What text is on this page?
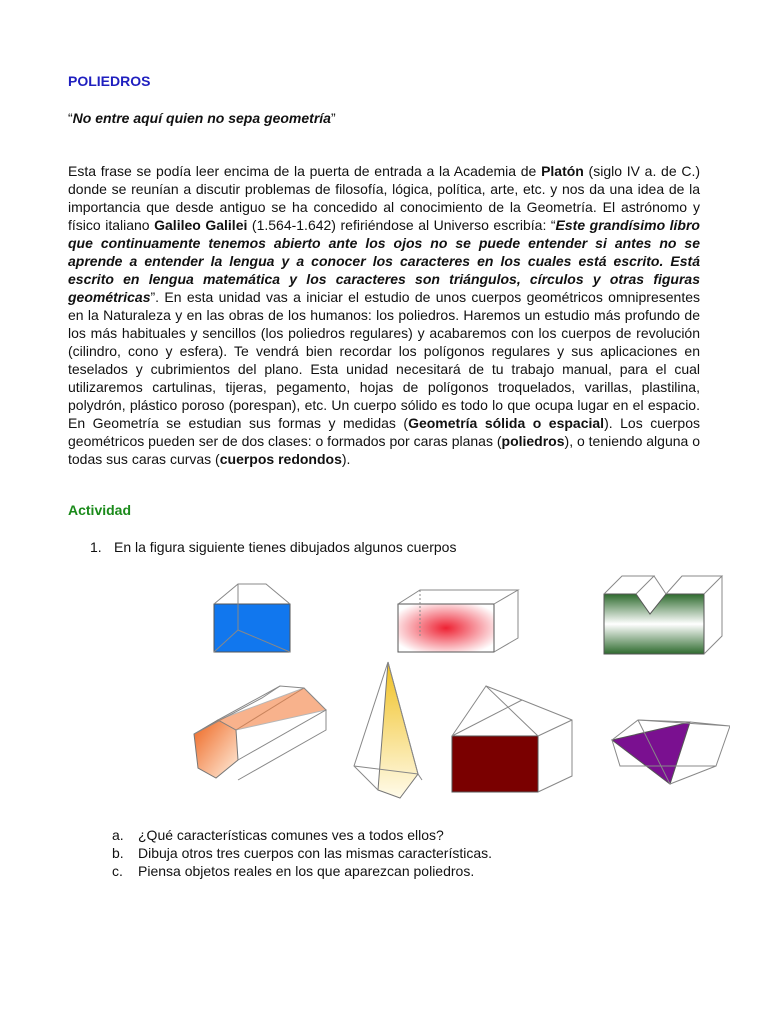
POLIEDROS
“No entre aquí quien no sepa geometría”
Esta frase se podía leer encima de la puerta de entrada a la Academia de Platón (siglo IV a. de C.) donde se reunían a discutir problemas de filosofía, lógica, política, arte, etc. y nos da una idea de la importancia que desde antiguo se ha concedido al conocimiento de la Geometría. El astrónomo y físico italiano Galileo Galilei (1.564-1.642) refiriéndose al Universo escribía: “Este grandísimo libro que continuamente tenemos abierto ante los ojos no se puede entender si antes no se aprende a entender la lengua y a conocer los caracteres en los cuales está escrito. Está escrito en lengua matemática y los caracteres son triángulos, círculos y otras figuras geométricas”. En esta unidad vas a iniciar el estudio de unos cuerpos geométricos omnipresentes en la Naturaleza y en las obras de los humanos: los poliedros. Haremos un estudio más profundo de los más habituales y sencillos (los poliedros regulares) y acabaremos con los cuerpos de revolución (cilindro, cono y esfera). Te vendrá bien recordar los polígonos regulares y sus aplicaciones en teselados y cubrimientos del plano. Esta unidad necesitará de tu trabajo manual, para el cual utilizaremos cartulinas, tijeras, pegamento, hojas de polígonos troquelados, varillas, plastilina, polydrón, plástico poroso (porespan), etc. Un cuerpo sólido es todo lo que ocupa lugar en el espacio. En Geometría se estudian sus formas y medidas (Geometría sólida o espacial). Los cuerpos geométricos pueden ser de dos clases: o formados por caras planas (poliedros), o teniendo alguna o todas sus caras curvas (cuerpos redondos).
Actividad
1. En la figura siguiente tienes dibujados algunos cuerpos
a. ¿Qué características comunes ves a todos ellos?
b. Dibuja otros tres cuerpos con las mismas características.
c. Piensa objetos reales en los que aparezcan poliedros.
